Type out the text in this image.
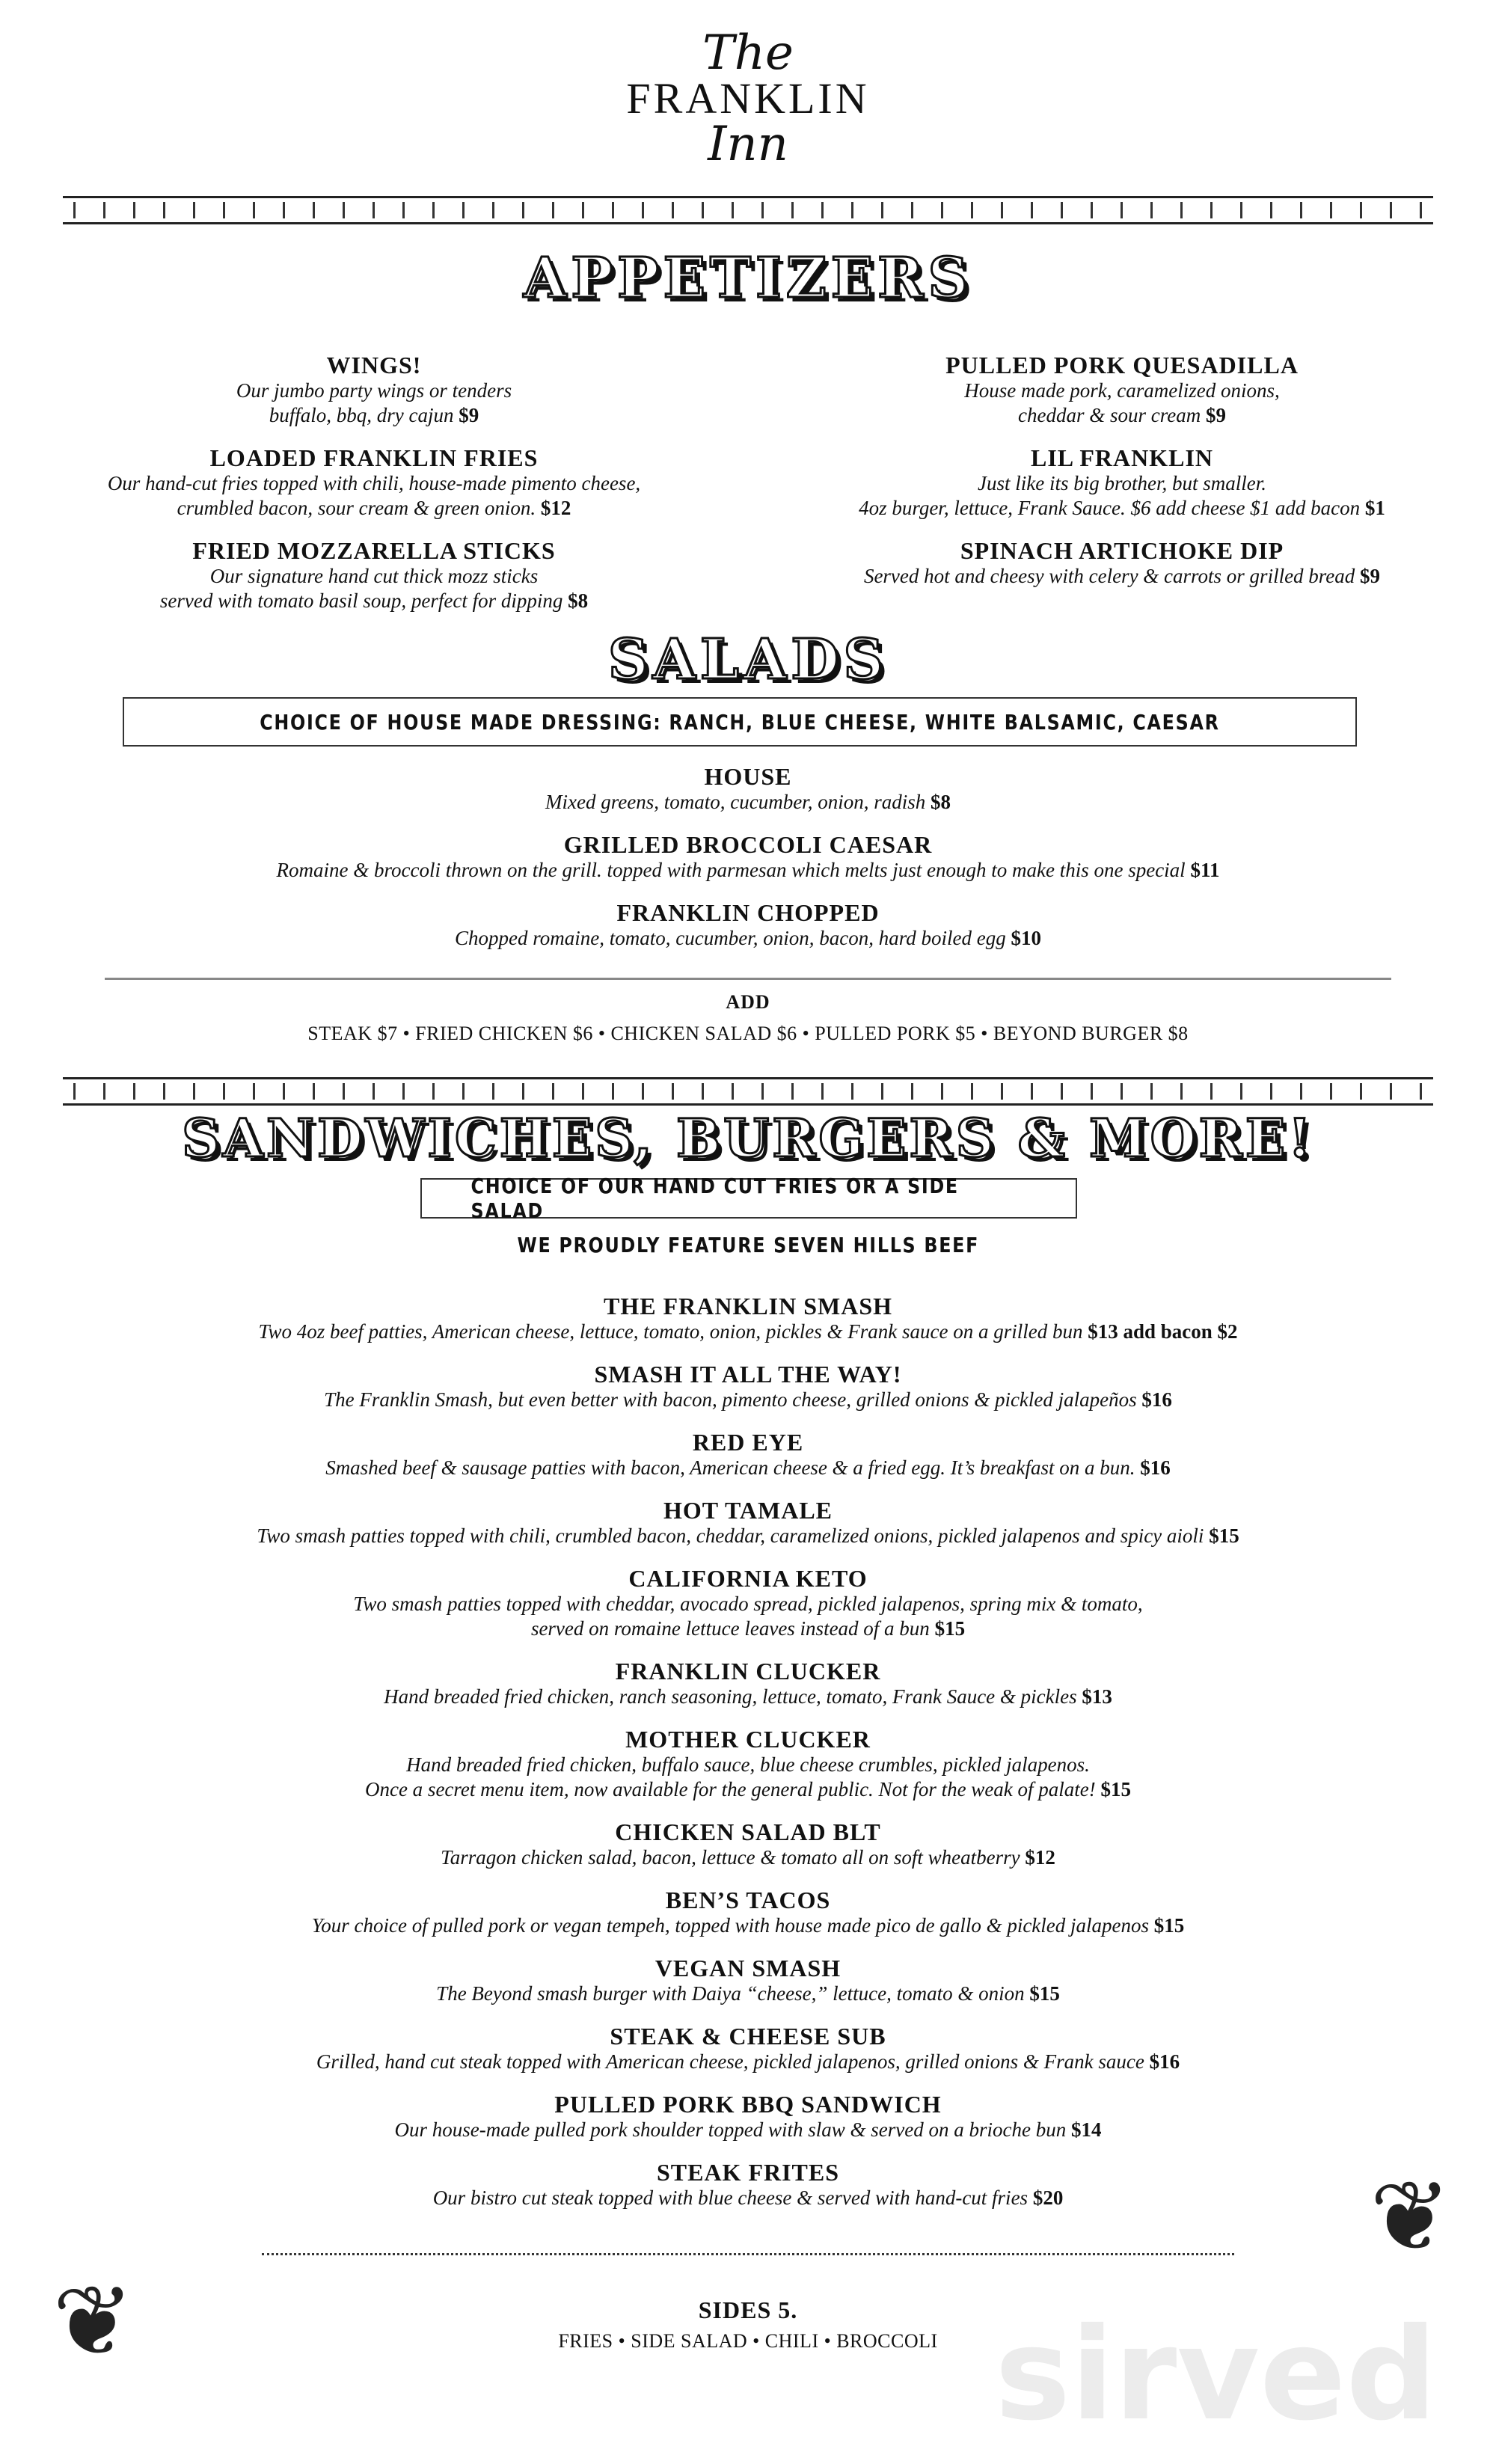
The
FRANKLIN
Inn
APPETIZERS
WINGS!
Our jumbo party wings or tenders
buffalo, bbq, dry cajun $9
LOADED FRANKLIN FRIES
Our hand-cut fries topped with chili, house-made pimento cheese,
crumbled bacon, sour cream & green onion. $12
FRIED MOZZARELLA STICKS
Our signature hand cut thick mozz sticks
served with tomato basil soup, perfect for dipping $8
PULLED PORK QUESADILLA
House made pork, caramelized onions,
cheddar & sour cream $9
LIL FRANKLIN
Just like its big brother, but smaller.
4oz burger, lettuce, Frank Sauce. $6 add cheese $1 add bacon $1
SPINACH ARTICHOKE DIP
Served hot and cheesy with celery & carrots or grilled bread $9
SALADS
CHOICE OF HOUSE MADE DRESSING: RANCH, BLUE CHEESE, WHITE BALSAMIC, CAESAR
HOUSE
Mixed greens, tomato, cucumber, onion, radish $8
GRILLED BROCCOLI CAESAR
Romaine & broccoli thrown on the grill. topped with parmesan which melts just enough to make this one special $11
FRANKLIN CHOPPED
Chopped romaine, tomato, cucumber, onion, bacon, hard boiled egg $10
ADD
STEAK $7 • FRIED CHICKEN $6 • CHICKEN SALAD $6 • PULLED PORK $5 • BEYOND BURGER $8
SANDWICHES, BURGERS & MORE!
CHOICE OF OUR HAND CUT FRIES OR A SIDE SALAD
WE PROUDLY FEATURE SEVEN HILLS BEEF
THE FRANKLIN SMASH
Two 4oz beef patties, American cheese, lettuce, tomato, onion, pickles & Frank sauce on a grilled bun $13 add bacon $2
SMASH IT ALL THE WAY!
The Franklin Smash, but even better with bacon, pimento cheese, grilled onions & pickled jalapeños $16
RED EYE
Smashed beef & sausage patties with bacon, American cheese & a fried egg. It’s breakfast on a bun. $16
HOT TAMALE
Two smash patties topped with chili, crumbled bacon, cheddar, caramelized onions, pickled jalapenos and spicy aioli $15
CALIFORNIA KETO
Two smash patties topped with cheddar, avocado spread, pickled jalapenos, spring mix & tomato,
served on romaine lettuce leaves instead of a bun $15
FRANKLIN CLUCKER
Hand breaded fried chicken, ranch seasoning, lettuce, tomato, Frank Sauce & pickles $13
MOTHER CLUCKER
Hand breaded fried chicken, buffalo sauce, blue cheese crumbles, pickled jalapenos.
Once a secret menu item, now available for the general public. Not for the weak of palate! $15
CHICKEN SALAD BLT
Tarragon chicken salad, bacon, lettuce & tomato all on soft wheatberry $12
BEN’S TACOS
Your choice of pulled pork or vegan tempeh, topped with house made pico de gallo & pickled jalapenos $15
VEGAN SMASH
The Beyond smash burger with Daiya “cheese,” lettuce, tomato & onion $15
STEAK & CHEESE SUB
Grilled, hand cut steak topped with American cheese, pickled jalapenos, grilled onions & Frank sauce $16
PULLED PORK BBQ SANDWICH
Our house-made pulled pork shoulder topped with slaw & served on a brioche bun $14
STEAK FRITES
Our bistro cut steak topped with blue cheese & served with hand-cut fries $20
❦
❦
sirved
SIDES 5.
FRIES • SIDE SALAD • CHILI • BROCCOLI
